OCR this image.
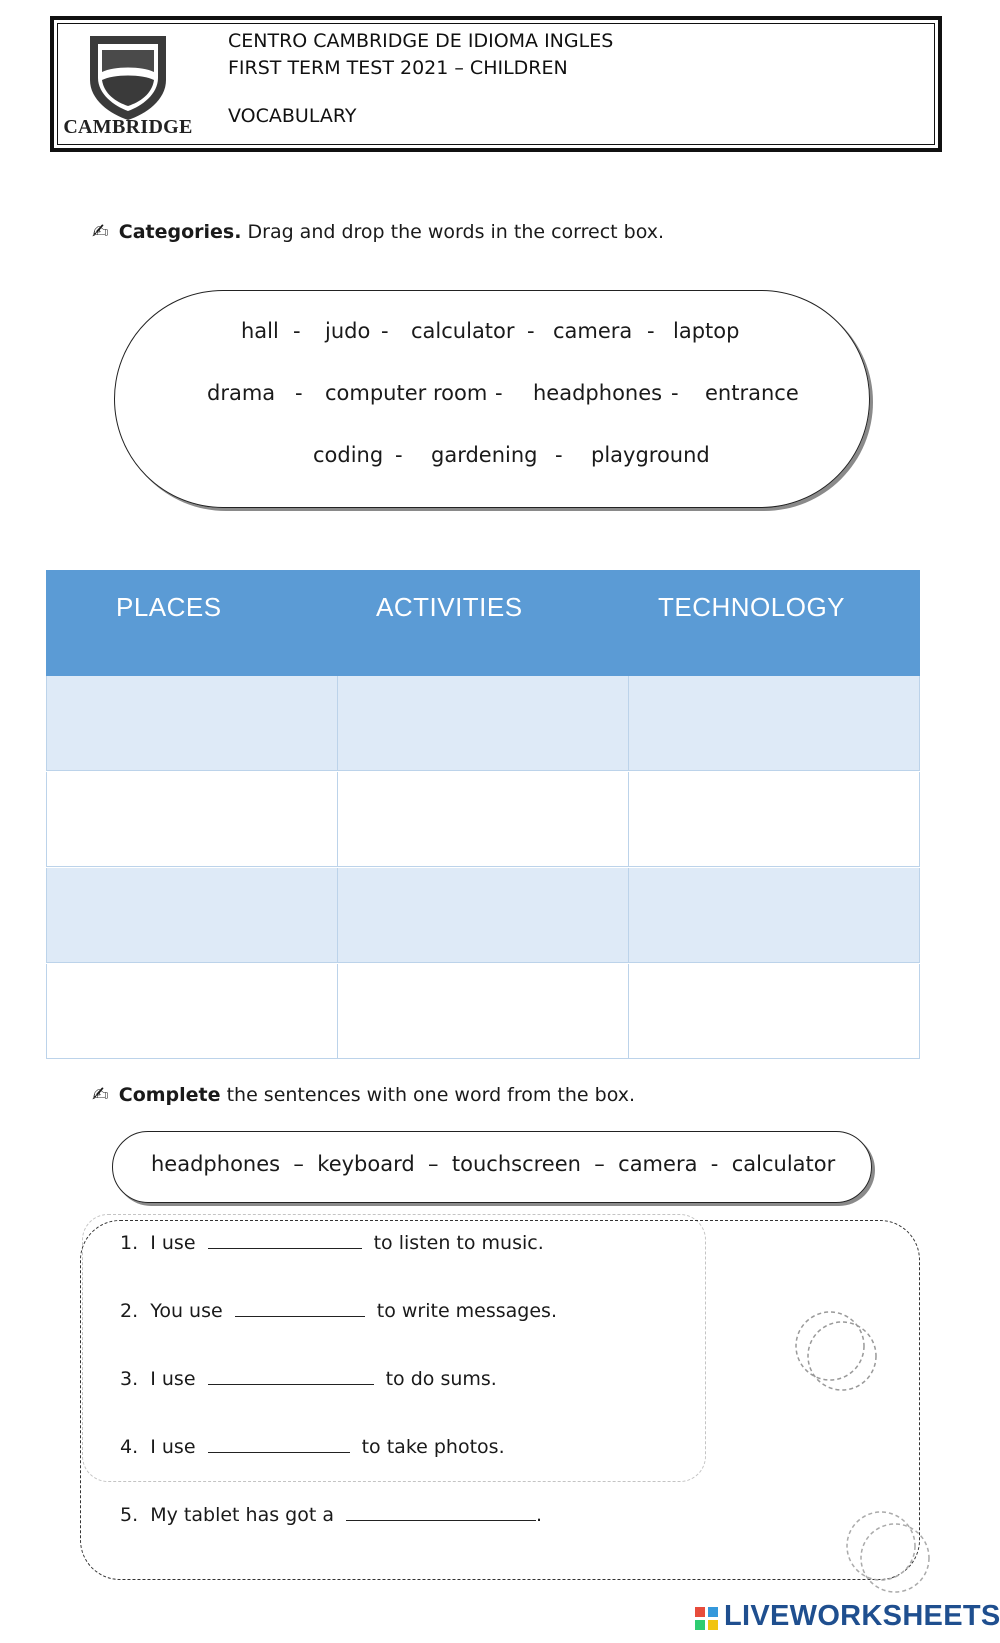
CAMBRIDGE
CENTRO CAMBRIDGE DE IDIOMA INGLES
FIRST TERM TEST 2021 – CHILDREN
VOCABULARY
✍ Categories. Drag and drop the words in the correct box.
hall - judo - calculator - camera - laptop
drama - computer room - headphones - entrance
coding - gardening - playground
PLACES	ACTIVITIES	TECHNOLOGY
✍ Complete the sentences with one word from the box.
headphones  –  keyboard  –  touchscreen  –  camera  -  calculator
1. I use	to listen to music.
2. You use	to write messages.
3. I use	to do sums.
4. I use	to take photos.
5. My tablet has got a	.
LIVEWORKSHEETS
